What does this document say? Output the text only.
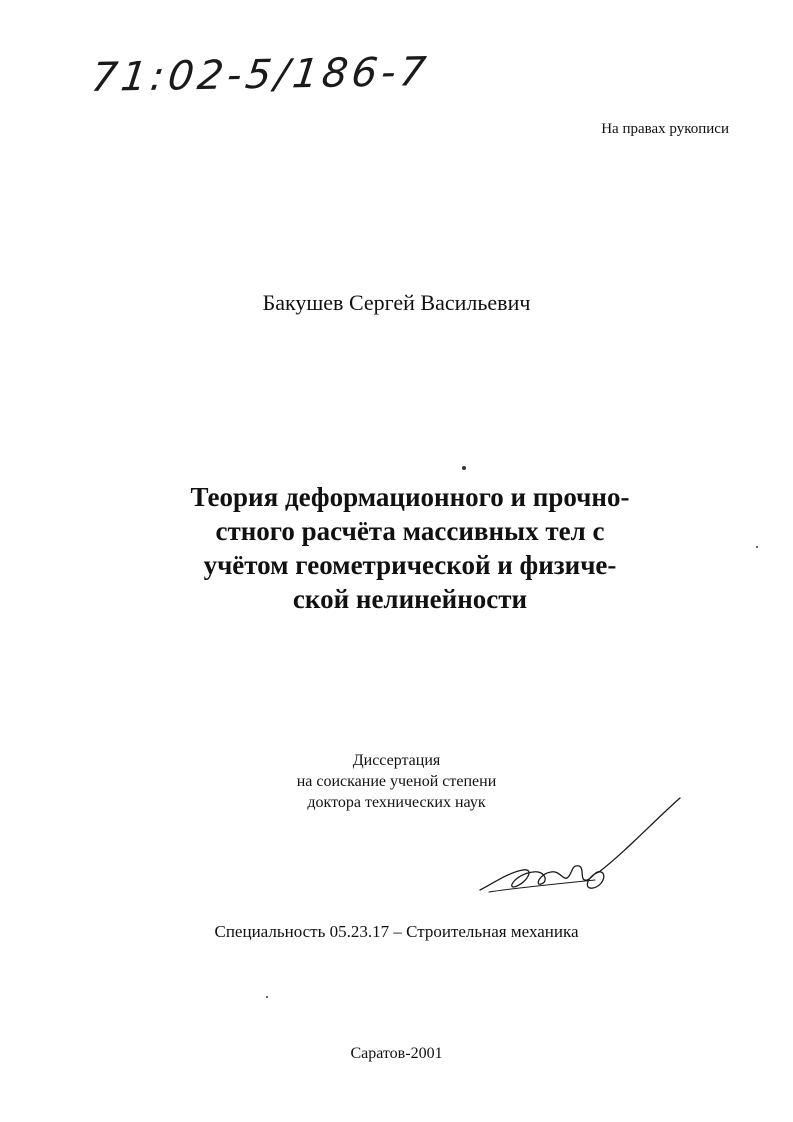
71:02-5/186-7
На правах рукописи
Бакушев Сергей Васильевич
Теория деформационного и прочно-
стного расчёта массивных тел с
учётом геометрической и физиче-
ской нелинейности
Диссертация
на соискание ученой степени
доктора технических наук
Специальность 05.23.17 – Строительная механика
Саратов-2001
